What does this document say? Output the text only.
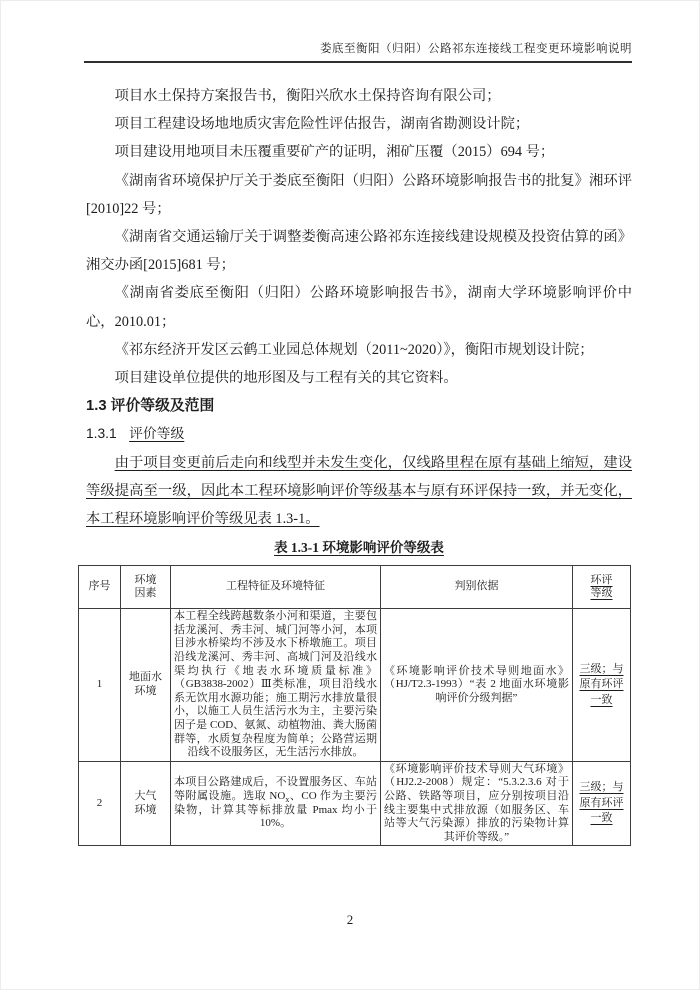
娄底至衡阳（归阳）公路祁东连接线工程变更环境影响说明

项目水土保持方案报告书，衡阳兴欣水土保持咨询有限公司；

项目工程建设场地地质灾害危险性评估报告，湖南省勘测设计院；

项目建设用地项目未压覆重要矿产的证明，湘矿压覆（2015）694 号；

《湖南省环境保护厅关于娄底至衡阳（归阳）公路环境影响报告书的批复》湘环评[2010]22 号；

《湖南省交通运输厅关于调整娄衡高速公路祁东连接线建设规模及投资估算的函》湘交办函[2015]681 号；

《湖南省娄底至衡阳（归阳）公路环境影响报告书》，湖南大学环境影响评价中心，2010.01；

《祁东经济开发区云鹤工业园总体规划（2011~2020）》，衡阳市规划设计院；

项目建设单位提供的地形图及与工程有关的其它资料。

1.3 评价等级及范围
1.3.1 评价等级

由于项目变更前后走向和线型并未发生变化，仅线路里程在原有基础上缩短，建设等级提高至一级，因此本工程环境影响评价等级基本与原有环评保持一致，并无变化，本工程环境影响评价等级见表 1.3-1。

表 1.3-1 环境影响评价等级表
序号	环境因素	工程特征及环境特征	判别依据	环评等级
1	地面水环境	本工程全线跨越数条小河和渠道，主要包括龙溪河、秀丰河、城门河等小河，本项目涉水桥梁均不涉及水下桥墩施工。项目沿线龙溪河、秀丰河、高城门河及沿线水渠均执行《地表水环境质量标准》（GB3838-2002）Ⅲ类标准，项目沿线水系无饮用水源功能；施工期污水排放量很小，以施工人员生活污水为主，主要污染因子是 COD、氨氮、动植物油、粪大肠菌群等，水质复杂程度为简单；公路营运期沿线不设服务区，无生活污水排放。	《环境影响评价技术导则地面水》（HJ/T2.3-1993）“表 2 地面水环境影响评价分级判据”	三级；与原有环评一致
2	大气环境	本项目公路建成后，不设置服务区、车站等附属设施。选取 $NO_x$、CO 作为主要污染物，计算其等标排放量 Pmax 均小于 10%。	《环境影响评价技术导则大气环境》（HJ2.2-2008）规定：“5.3.2.3.6 对于公路、铁路等项目，应分别按项目沿线主要集中式排放源（如服务区、车站等大气污染源）排放的污染物计算其评价等级。”	三级；与原有环评一致
2
